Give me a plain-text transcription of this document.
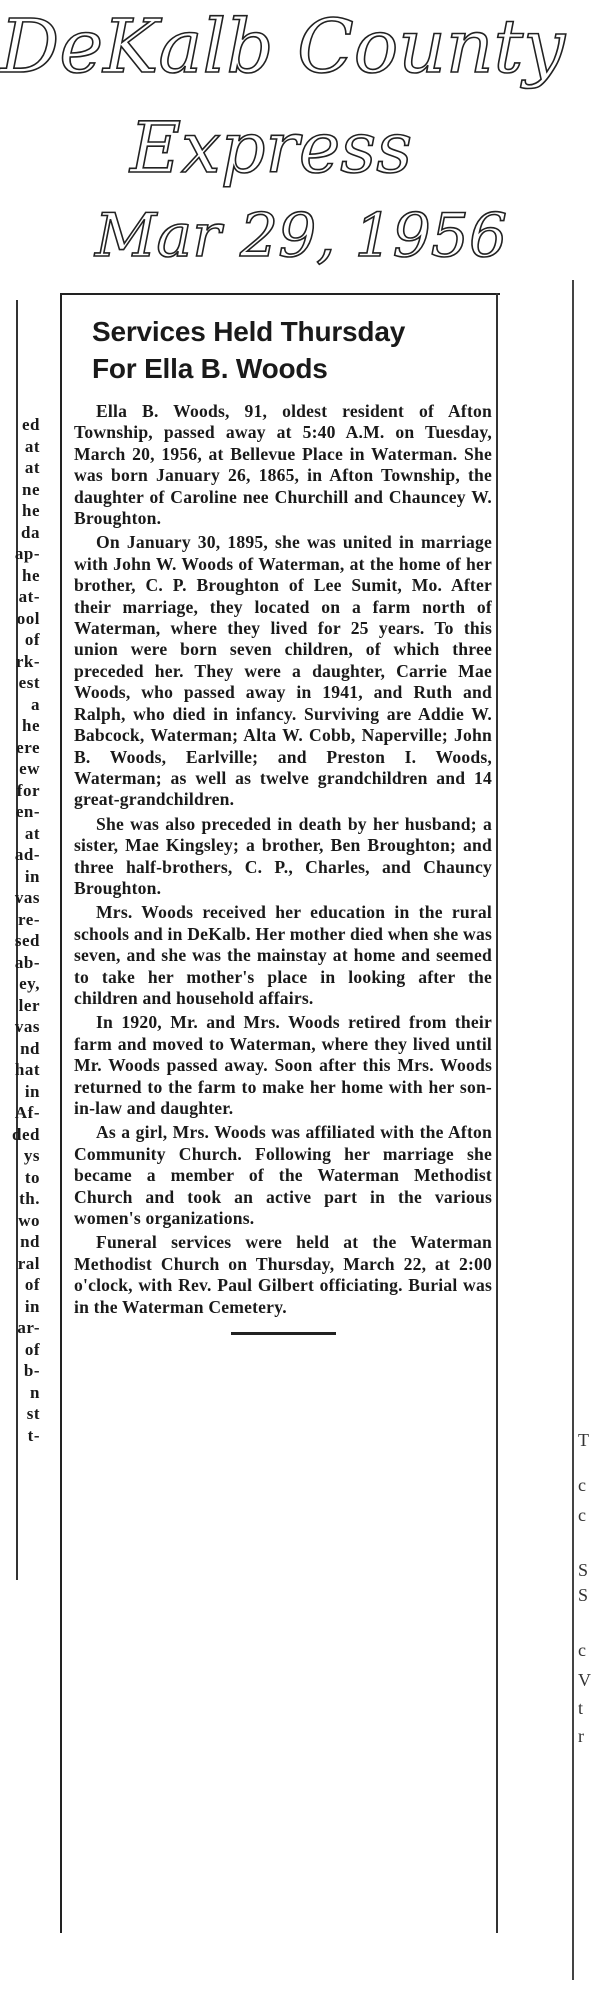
DeKalb County
Express
Mar 29, 1956
ed
at
at
ne
he
da
ap-
he
at-
ool
of
rk-
est
a
he
ere
ew
for
en-
at
ad-
in
vas
re-
sed
ab-
ey,
ler
vas
nd
hat
in
Af-
ded
ys
to
th.
wo
nd
ral
of
in
ar-
of
b-
n
st
t-	T
c
c
S
S
c
V
t
r
Services Held Thursday
For Ella B. Woods

Ella B. Woods, 91, oldest resident of Afton Township, passed away at 5:40 A.M. on Tuesday, March 20, 1956, at Bellevue Place in Waterman. She was born January 26, 1865, in Afton Township, the daughter of Caroline nee Churchill and Chauncey W. Broughton.

On January 30, 1895, she was united in marriage with John W. Woods of Waterman, at the home of her brother, C. P. Broughton of Lee Sumit, Mo. After their marriage, they located on a farm north of Waterman, where they lived for 25 years. To this union were born seven children, of which three preceded her. They were a daughter, Carrie Mae Woods, who passed away in 1941, and Ruth and Ralph, who died in infancy. Surviving are Addie W. Babcock, Waterman; Alta W. Cobb, Naperville; John B. Woods, Earlville; and Preston I. Woods, Waterman; as well as twelve grandchildren and 14 great-grandchildren.

She was also preceded in death by her husband; a sister, Mae Kingsley; a brother, Ben Broughton; and three half-brothers, C. P., Charles, and Chauncy Broughton.

Mrs. Woods received her education in the rural schools and in DeKalb. Her mother died when she was seven, and she was the mainstay at home and seemed to take her mother's place in looking after the children and household affairs.

In 1920, Mr. and Mrs. Woods retired from their farm and moved to Waterman, where they lived until Mr. Woods passed away. Soon after this Mrs. Woods returned to the farm to make her home with her son-in-law and daughter.

As a girl, Mrs. Woods was affiliated with the Afton Community Church. Following her marriage she became a member of the Waterman Methodist Church and took an active part in the various women's organizations.

Funeral services were held at the Waterman Methodist Church on Thursday, March 22, at 2:00 o'clock, with Rev. Paul Gilbert officiating. Burial was in the Waterman Cemetery.
